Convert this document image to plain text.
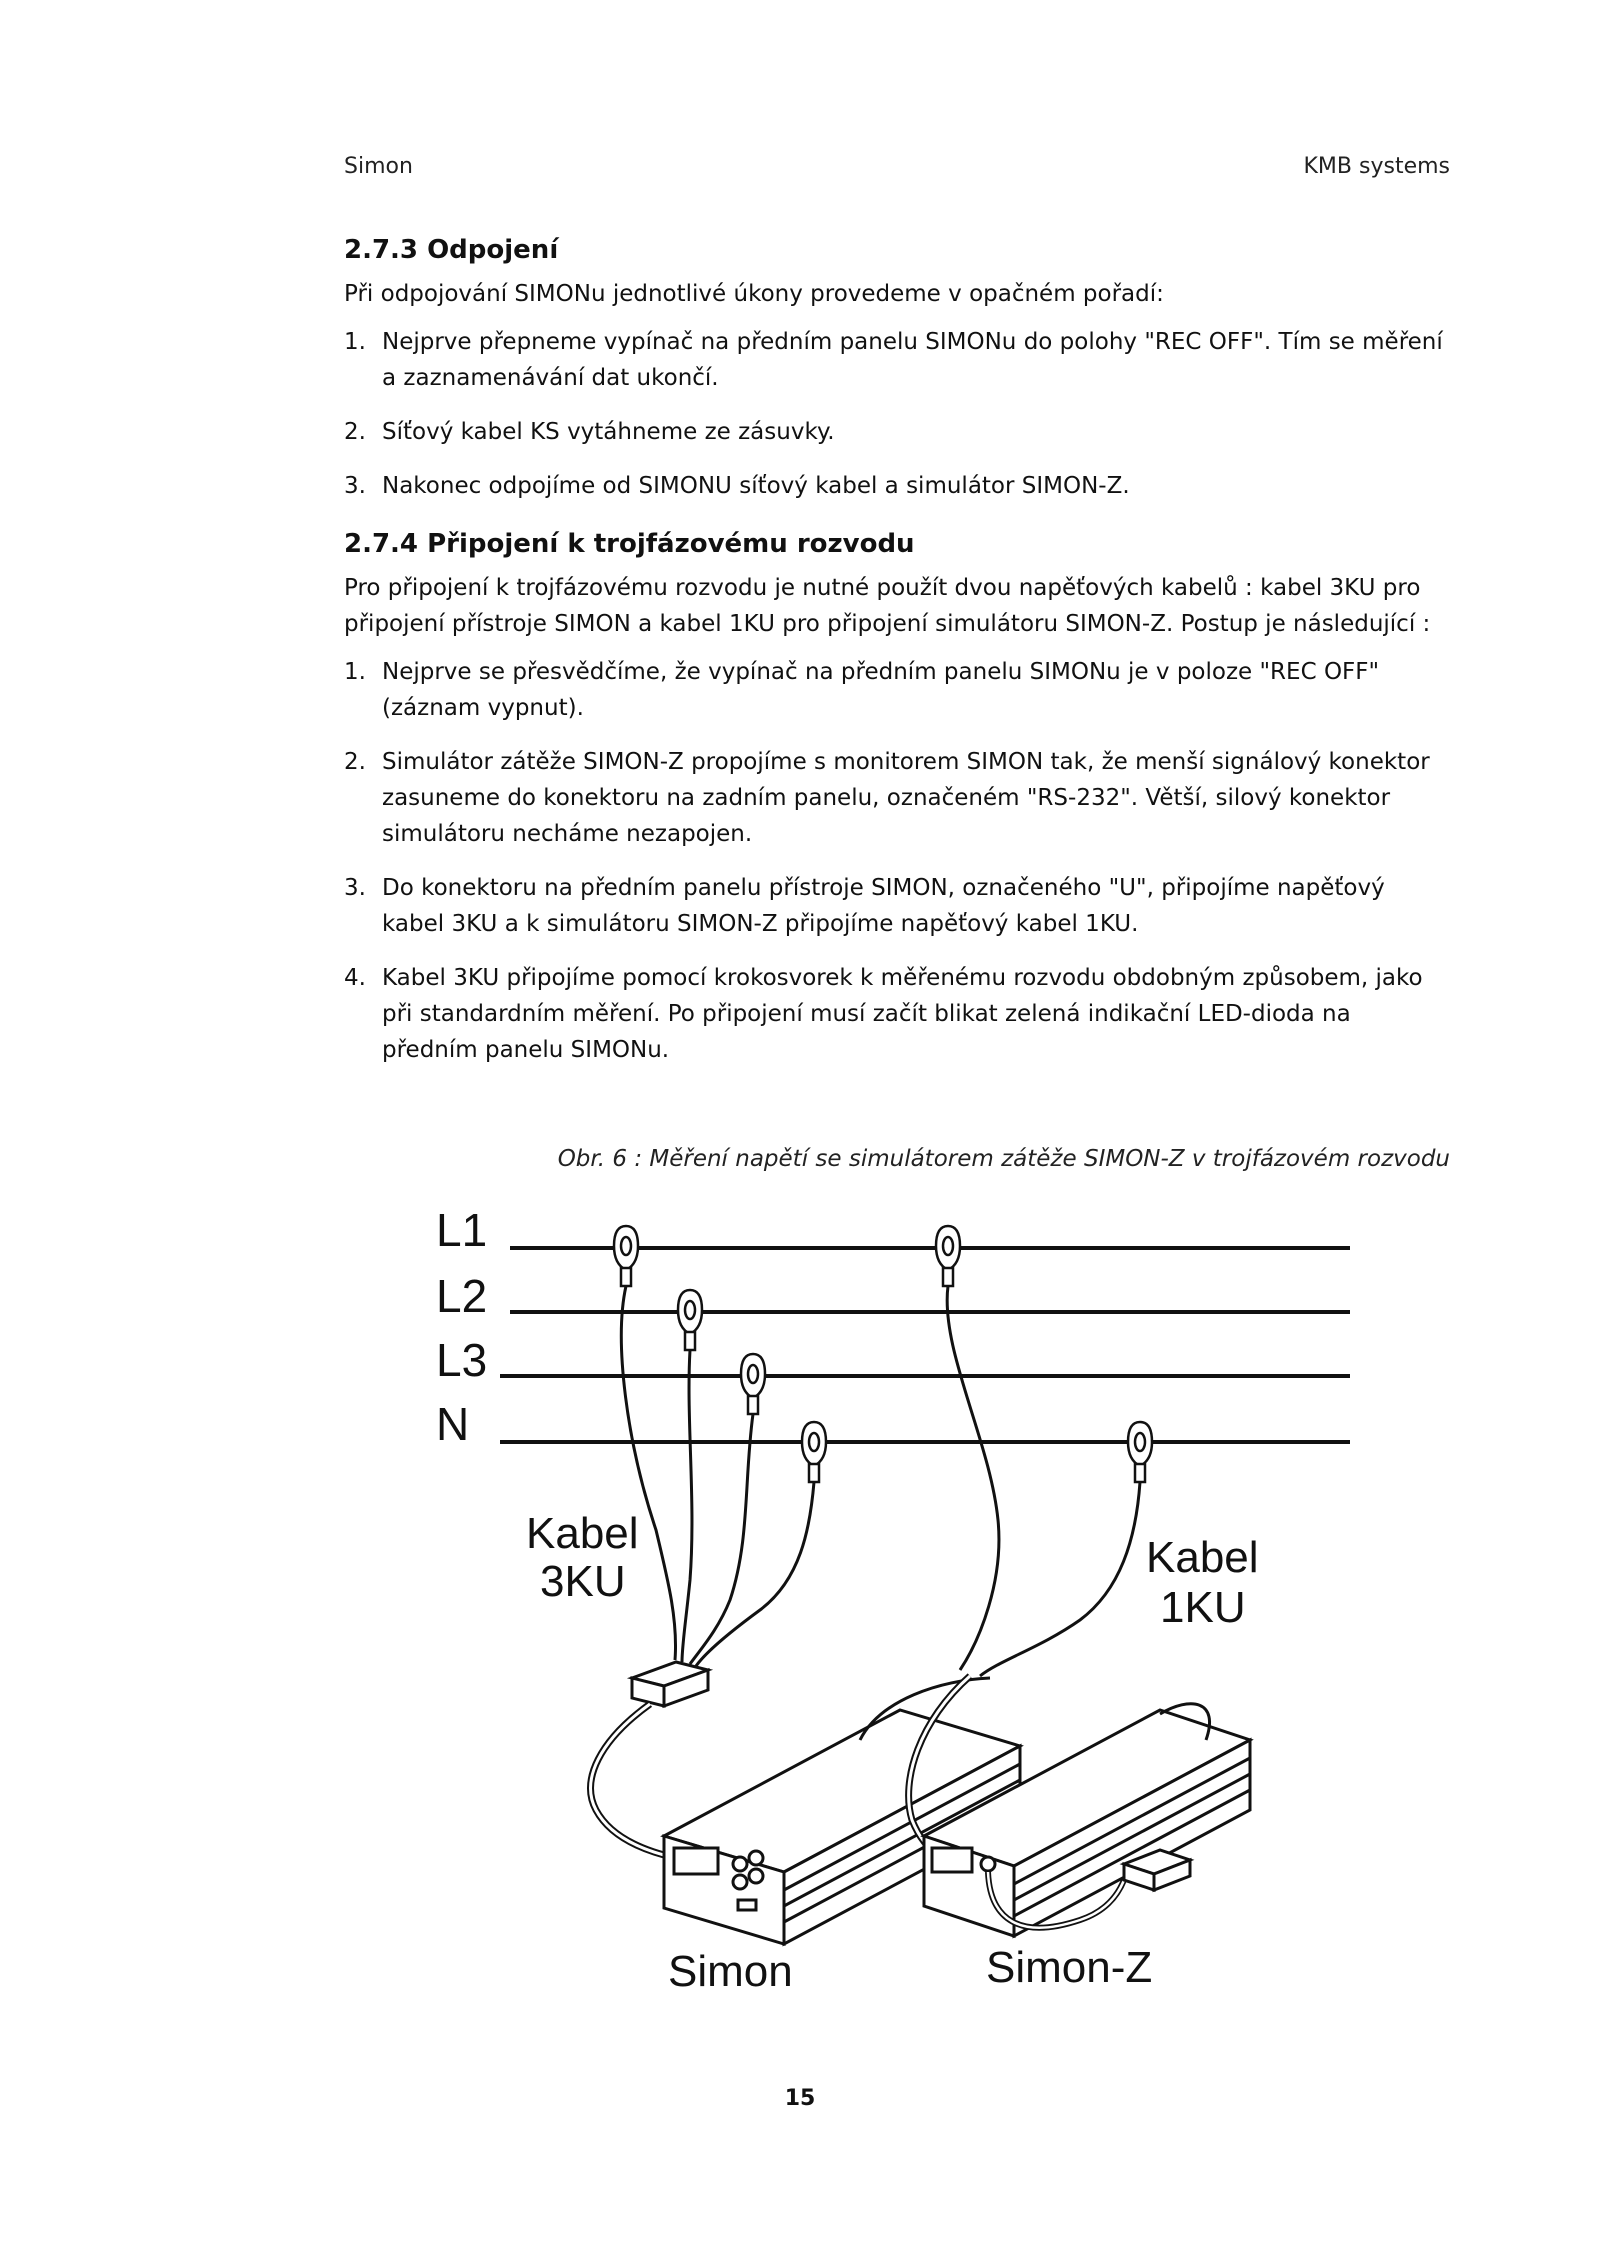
Simon	KMB systems
2.7.3 Odpojení

Při odpojování SIMONu jednotlivé úkony provedeme v opačném pořadí:

1. Nejprve přepneme vypínač na předním panelu SIMONu do polohy "REC OFF". Tím se měření a zaznamenávání dat ukončí.
2. Síťový kabel KS vytáhneme ze zásuvky.
3. Nakonec odpojíme od SIMONU síťový kabel a simulátor SIMON-Z.
2.7.4 Připojení k trojfázovému rozvodu

Pro připojení k trojfázovému rozvodu je nutné použít dvou napěťových kabelů : kabel 3KU pro připojení přístroje SIMON a kabel 1KU pro připojení simulátoru SIMON-Z. Postup je následující :

1. Nejprve se přesvědčíme, že vypínač na předním panelu SIMONu je v poloze "REC OFF" (záznam vypnut).
2. Simulátor zátěže SIMON-Z propojíme s monitorem SIMON tak, že menší signálový konektor zasuneme do konektoru na zadním panelu, označeném "RS-232". Větší, silový konektor simulátoru necháme nezapojen.
3. Do konektoru na předním panelu přístroje SIMON, označeného "U", připojíme napěťový kabel 3KU a k simulátoru SIMON-Z připojíme napěťový kabel 1KU.
4. Kabel 3KU připojíme pomocí krokosvorek k měřenému rozvodu obdobným způsobem, jako při standardním měření. Po připojení musí začít blikat zelená indikační LED-dioda na předním panelu SIMONu.
Obr. 6 : Měření napětí se simulátorem zátěže SIMON-Z v trojfázovém rozvodu
L1
L2
L3
N
Kabel
3KU	Kabel
1KU
Simon	Simon-Z
15
